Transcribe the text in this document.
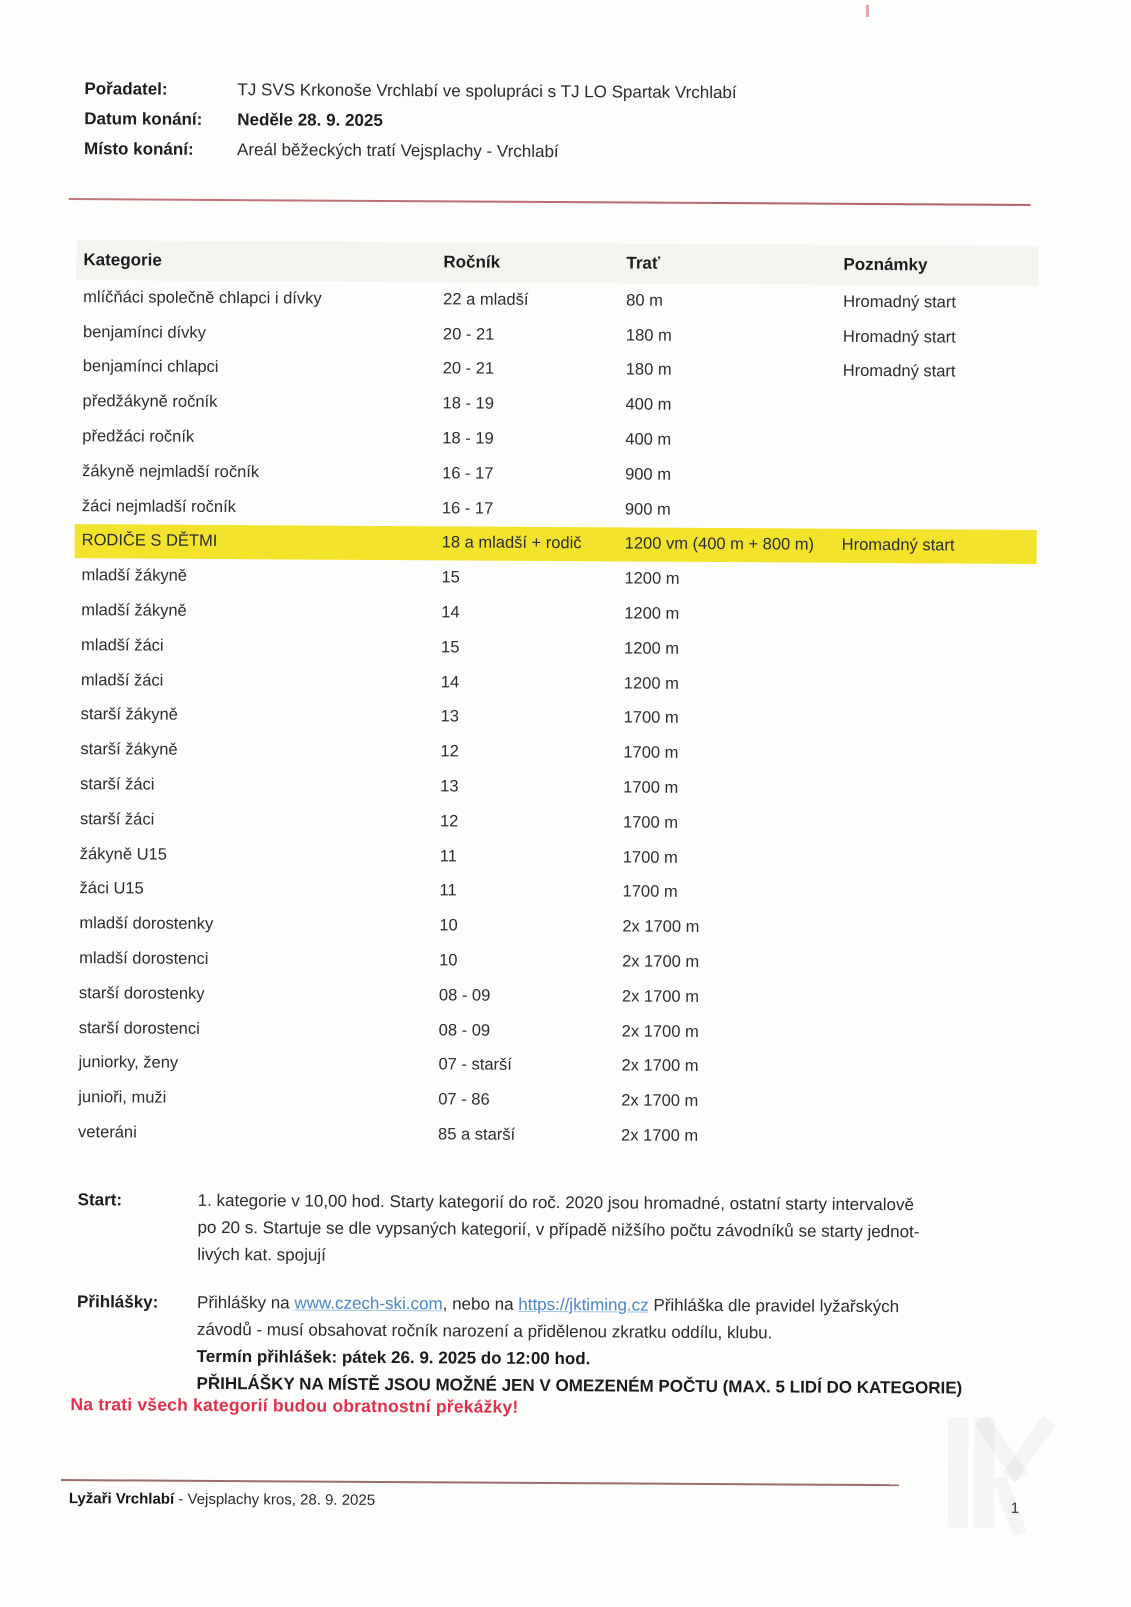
Pořadatel:	TJ SVS Krkonoše Vrchlabí ve spolupráci s TJ LO Spartak Vrchlabí
Datum konání:	Neděle 28. 9. 2025
Místo konání:	Areál běžeckých tratí Vejsplachy - Vrchlabí
Kategorie	Ročník	Trať	Poznámky
mlíčňáci společně chlapci i dívky	22 a mladší	80 m	Hromadný start
benjamínci dívky	20 - 21	180 m	Hromadný start
benjamínci chlapci	20 - 21	180 m	Hromadný start
předžákyně ročník	18 - 19	400 m
předžáci ročník	18 - 19	400 m
žákyně nejmladší ročník	16 - 17	900 m
žáci nejmladší ročník	16 - 17	900 m
RODIČE S DĚTMI	18 a mladší + rodič	1200 vm (400 m + 800 m)	Hromadný start
mladší žákyně	15	1200 m
mladší žákyně	14	1200 m
mladší žáci	15	1200 m
mladší žáci	14	1200 m
starší žákyně	13	1700 m
starší žákyně	12	1700 m
starší žáci	13	1700 m
starší žáci	12	1700 m
žákyně U15	11	1700 m
žáci U15	11	1700 m
mladší dorostenky	10	2x 1700 m
mladší dorostenci	10	2x 1700 m
starší dorostenky	08 - 09	2x 1700 m
starší dorostenci	08 - 09	2x 1700 m
juniorky, ženy	07 - starší	2x 1700 m
junioři, muži	07 - 86	2x 1700 m
veteráni	85 a starší	2x 1700 m
Start:	1. kategorie v 10,00 hod. Starty kategorií do roč. 2020 jsou hromadné, ostatní starty intervalově
po 20 s. Startuje se dle vypsaných kategorií, v případě nižšího počtu závodníků se starty jednot-
livých kat. spojují
Přihlášky: Přihlášky na www.czech-ski.com, nebo na https://jktiming.cz Přihláška dle pravidel lyžařských
závodů - musí obsahovat ročník narození a přidělenou zkratku oddílu, klubu.
Termín přihlášek: pátek 26. 9. 2025 do 12:00 hod.
PŘIHLÁŠKY NA MÍSTĚ JSOU MOŽNÉ JEN V OMEZENÉM POČTU (MAX. 5 LIDÍ DO KATEGORIE)
Na trati všech kategorií budou obratnostní překážky!
Lyžaři Vrchlabí - Vejsplachy kros, 28. 9. 2025	1
